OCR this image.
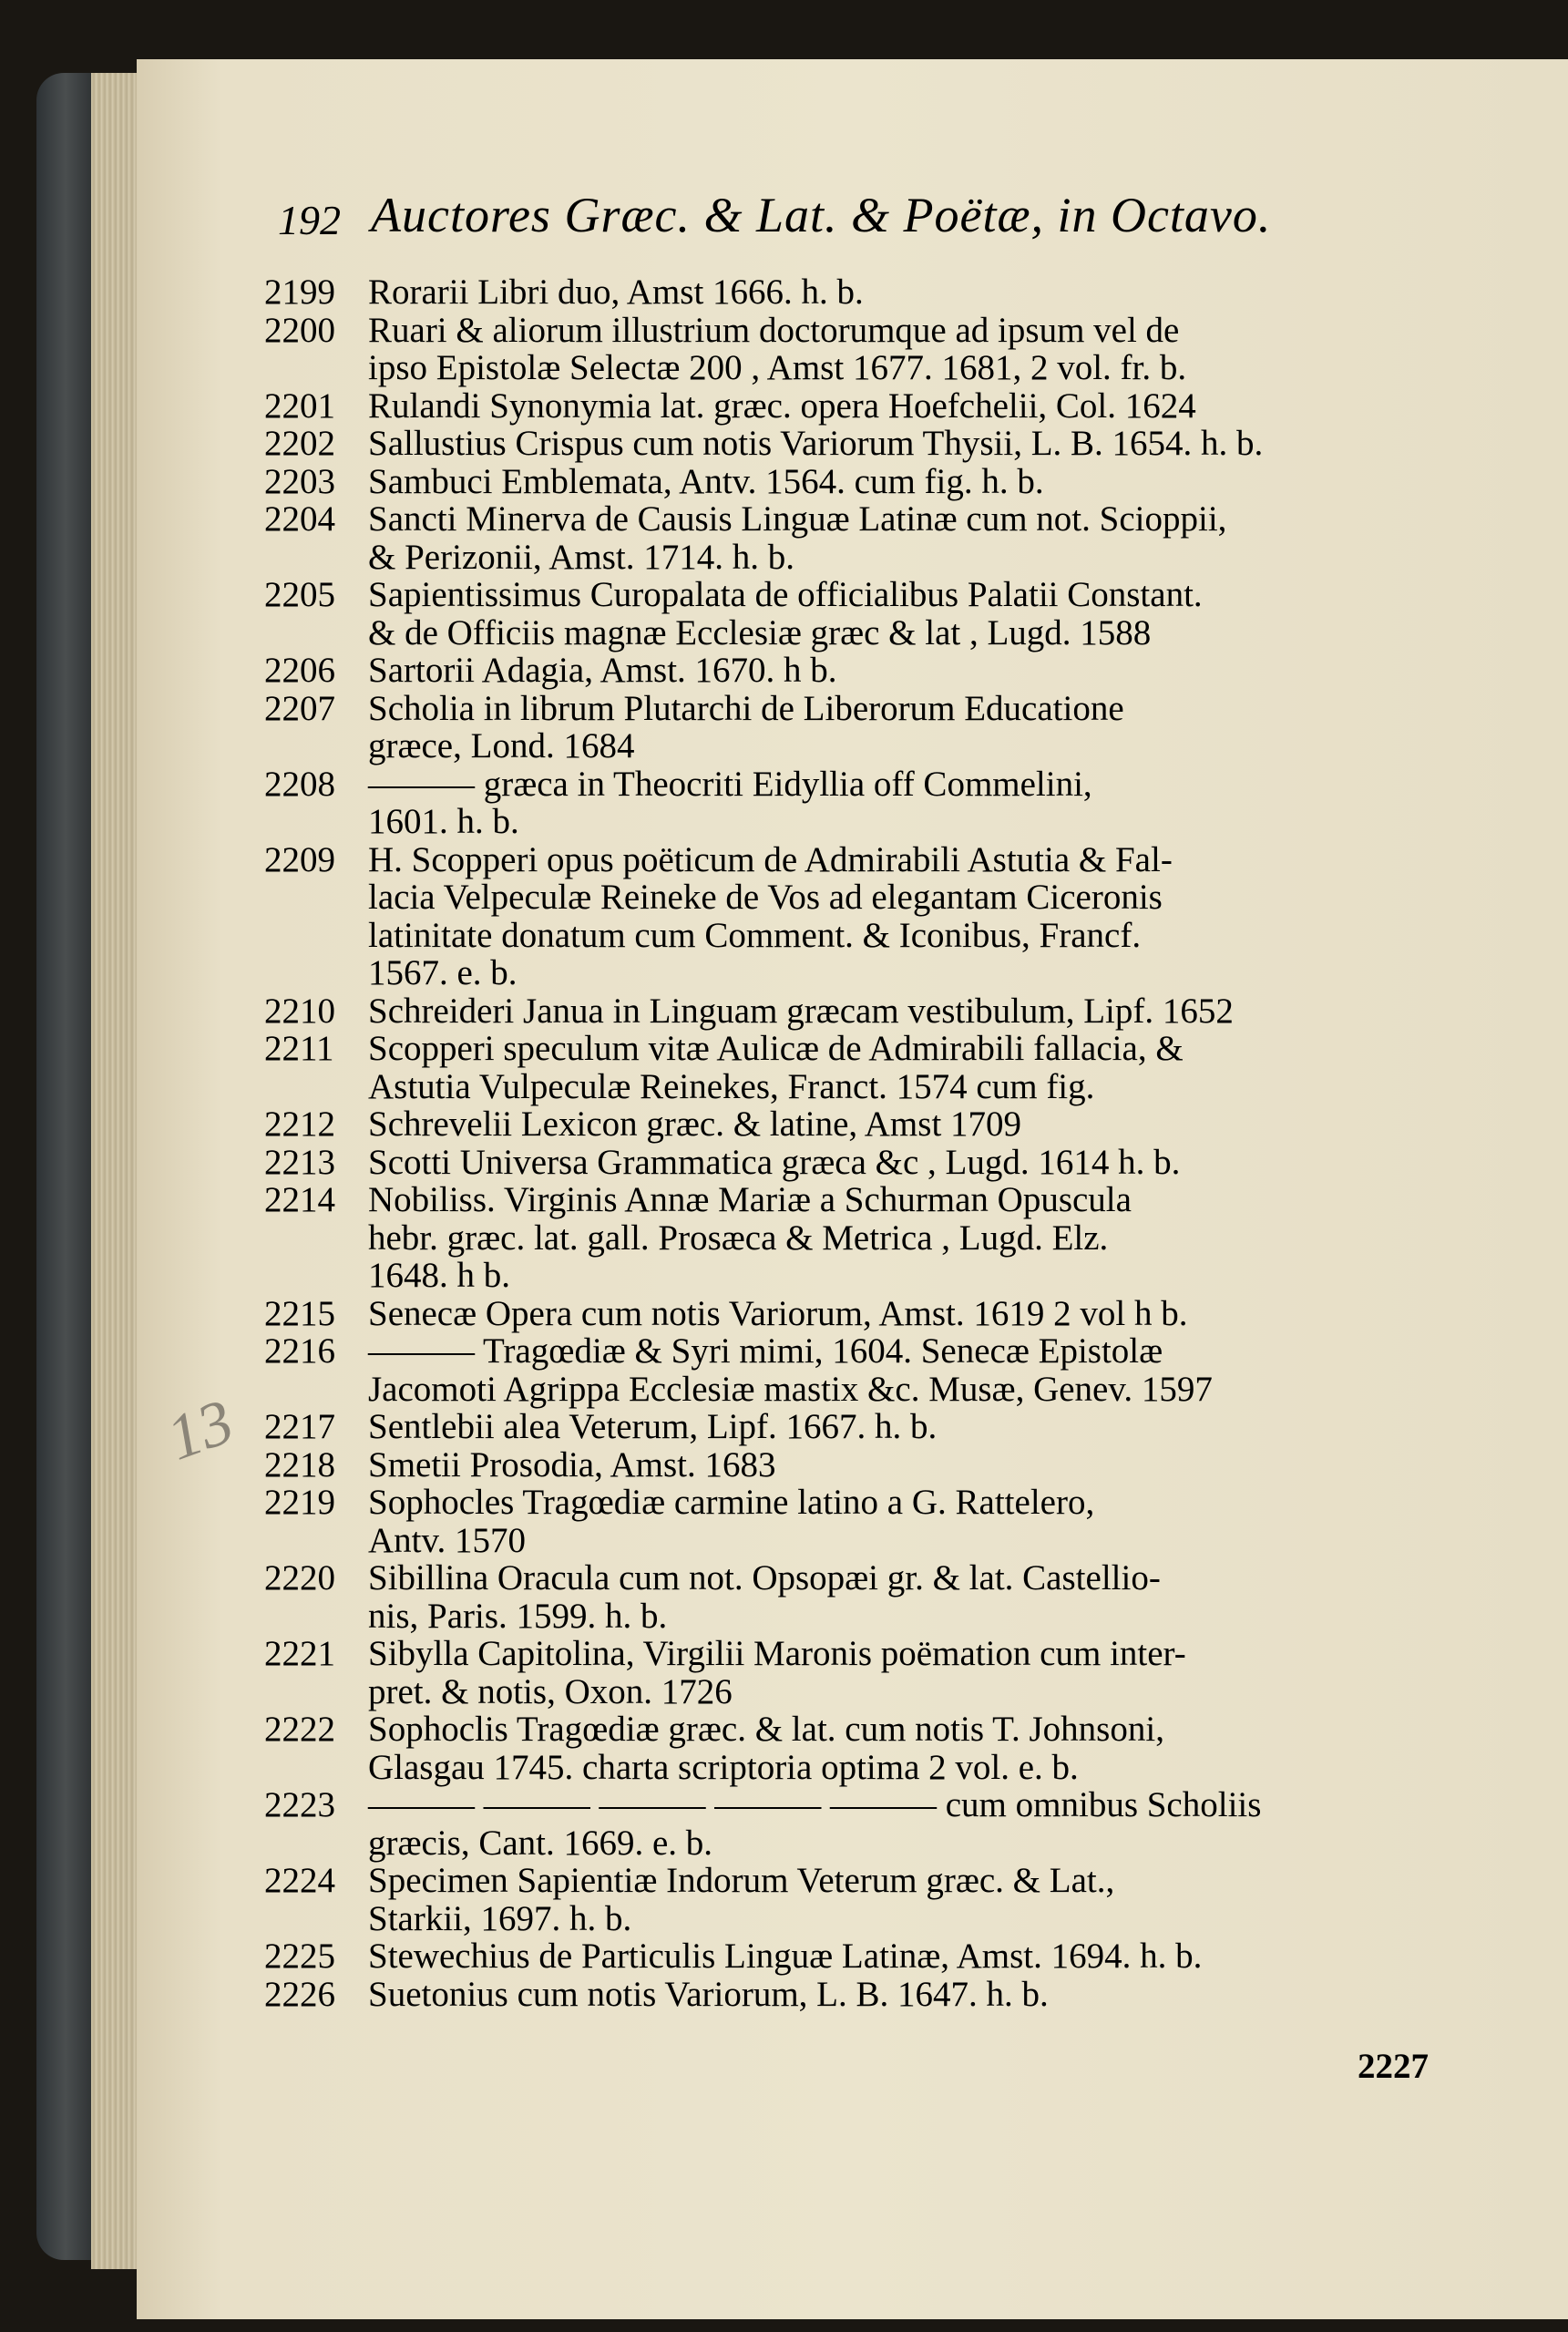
192 Auctores Græc. & Lat. & Poëtæ, in Octavo.
13
2199 Rorarii Libri duo, Amst 1666. h. b.
2200 Ruari & aliorum illustrium doctorumque ad ipsum vel de
ipso Epistolæ Selectæ 200 , Amst 1677. 1681, 2 vol. fr. b.
2201 Rulandi Synonymia lat. græc. opera Hoefchelii, Col. 1624
2202 Sallustius Crispus cum notis Variorum Thysii, L. B. 1654. h. b.
2203 Sambuci Emblemata, Antv. 1564. cum fig. h. b.
2204 Sancti Minerva de Causis Linguæ Latinæ cum not. Scioppii,
& Perizonii, Amst. 1714. h. b.
2205 Sapientissimus Curopalata de officialibus Palatii Constant.
& de Officiis magnæ Ecclesiæ græc & lat , Lugd. 1588
2206 Sartorii Adagia, Amst. 1670. h b.
2207 Scholia in librum Plutarchi de Liberorum Educatione
græce, Lond. 1684
2208 ——— græca in Theocriti Eidyllia off Commelini,
1601. h. b.
2209 H. Scopperi opus poëticum de Admirabili Astutia & Fal-
lacia Velpeculæ Reineke de Vos ad elegantam Ciceronis
latinitate donatum cum Comment. & Iconibus, Francf.
1567. e. b.
2210 Schreideri Janua in Linguam græcam vestibulum, Lipf. 1652
2211 Scopperi speculum vitæ Aulicæ de Admirabili fallacia, &
Astutia Vulpeculæ Reinekes, Franct. 1574 cum fig.
2212 Schrevelii Lexicon græc. & latine, Amst 1709
2213 Scotti Universa Grammatica græca &c , Lugd. 1614 h. b.
2214 Nobiliss. Virginis Annæ Mariæ a Schurman Opuscula
hebr. græc. lat. gall. Prosæca & Metrica , Lugd. Elz.
1648. h b.
2215 Senecæ Opera cum notis Variorum, Amst. 1619 2 vol h b.
2216 ——— Tragœdiæ & Syri mimi, 1604. Senecæ Epistolæ
Jacomoti Agrippa Ecclesiæ mastix &c. Musæ, Genev. 1597
2217 Sentlebii alea Veterum, Lipf. 1667. h. b.
2218 Smetii Prosodia, Amst. 1683
2219 Sophocles Tragœdiæ carmine latino a G. Rattelero,
Antv. 1570
2220 Sibillina Oracula cum not. Opsopæi gr. & lat. Castellio-
nis, Paris. 1599. h. b.
2221 Sibylla Capitolina, Virgilii Maronis poëmation cum inter-
pret. & notis, Oxon. 1726
2222 Sophoclis Tragœdiæ græc. & lat. cum notis T. Johnsoni,
Glasgau 1745. charta scriptoria optima 2 vol. e. b.
2223 ——— ——— ——— ——— ——— cum omnibus Scholiis
græcis, Cant. 1669. e. b.
2224 Specimen Sapientiæ Indorum Veterum græc. & Lat.,
Starkii, 1697. h. b.
2225 Stewechius de Particulis Linguæ Latinæ, Amst. 1694. h. b.
2226 Suetonius cum notis Variorum, L. B. 1647. h. b.
2227
